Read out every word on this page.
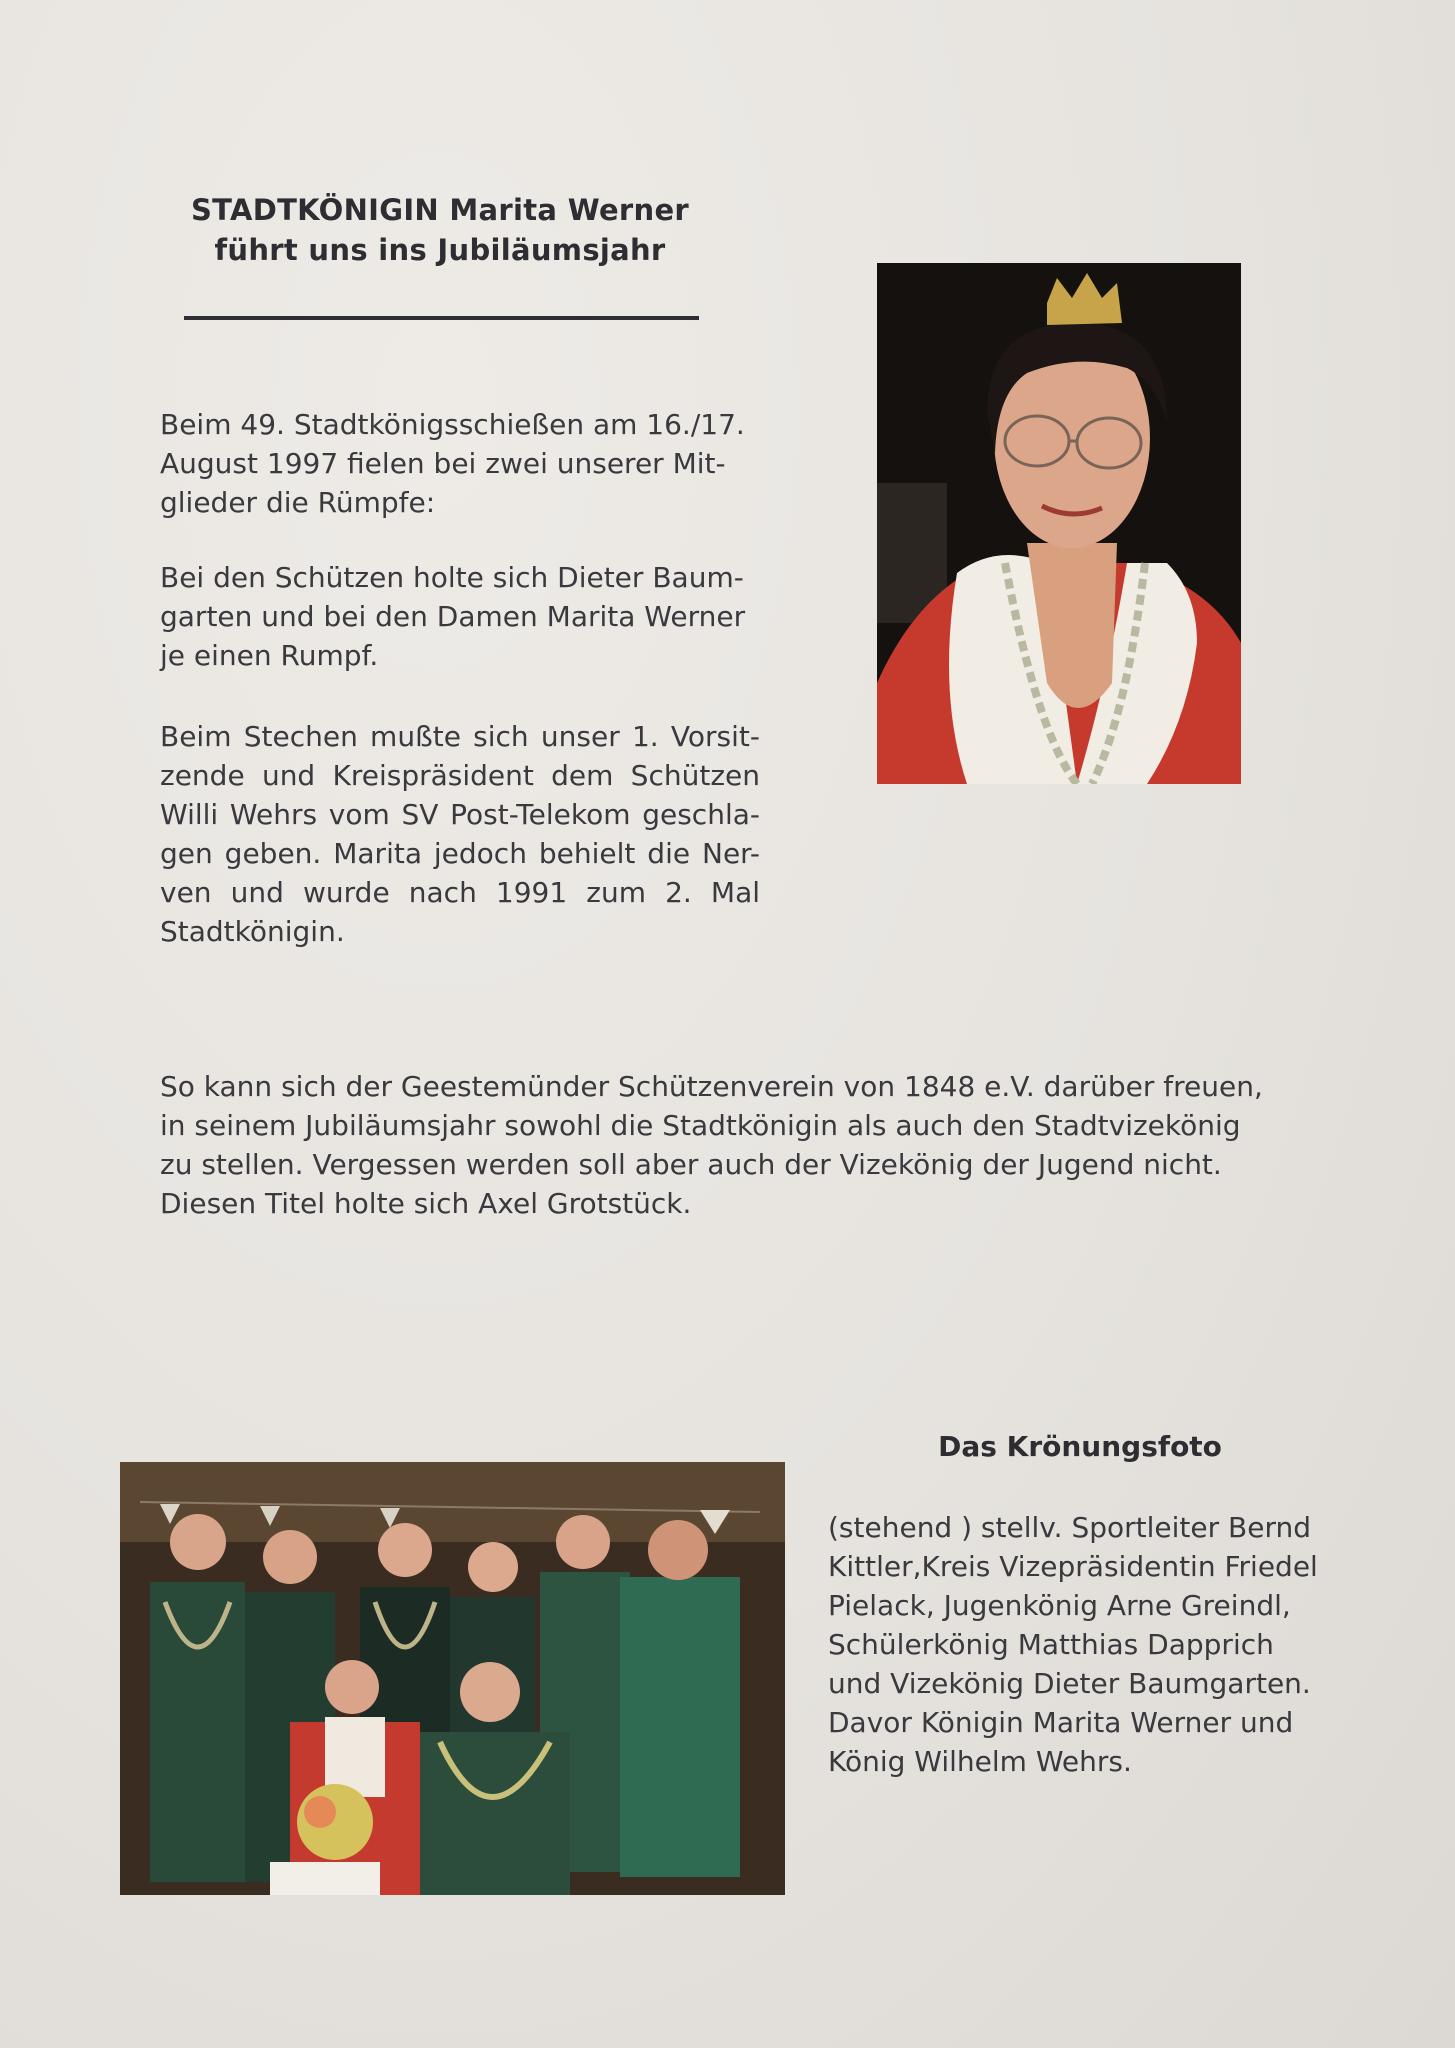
STADTKÖNIGIN Marita Werner
führt uns ins Jubiläumsjahr

Beim 49. Stadtkönigsschießen am 16./17. August 1997 fielen bei zwei unserer Mit-glieder die Rümpfe:

Bei den Schützen holte sich Dieter Baum-garten und bei den Damen Marita Werner je einen Rumpf.

Beim Stechen mußte sich unser 1. Vorsit-zende und Kreispräsident dem Schützen Willi Wehrs vom SV Post-Telekom geschla-gen geben. Marita jedoch behielt die Ner-ven und wurde nach 1991 zum 2. Mal Stadtkönigin.

So kann sich der Geestemünder Schützenverein von 1848 e.V. darüber freuen, in seinem Jubiläumsjahr sowohl die Stadtkönigin als auch den Stadtvizekönig zu stellen. Vergessen werden soll aber auch der Vizekönig der Jugend nicht. Diesen Titel holte sich Axel Grotstück.

Das Krönungsfoto

(stehend ) stellv. Sportleiter Bernd Kittler,Kreis Vizepräsidentin Friedel Pielack, Jugenkönig Arne Greindl, Schülerkönig Matthias Dapprich und Vizekönig Dieter Baumgarten. Davor Königin Marita Werner und König Wilhelm Wehrs.
